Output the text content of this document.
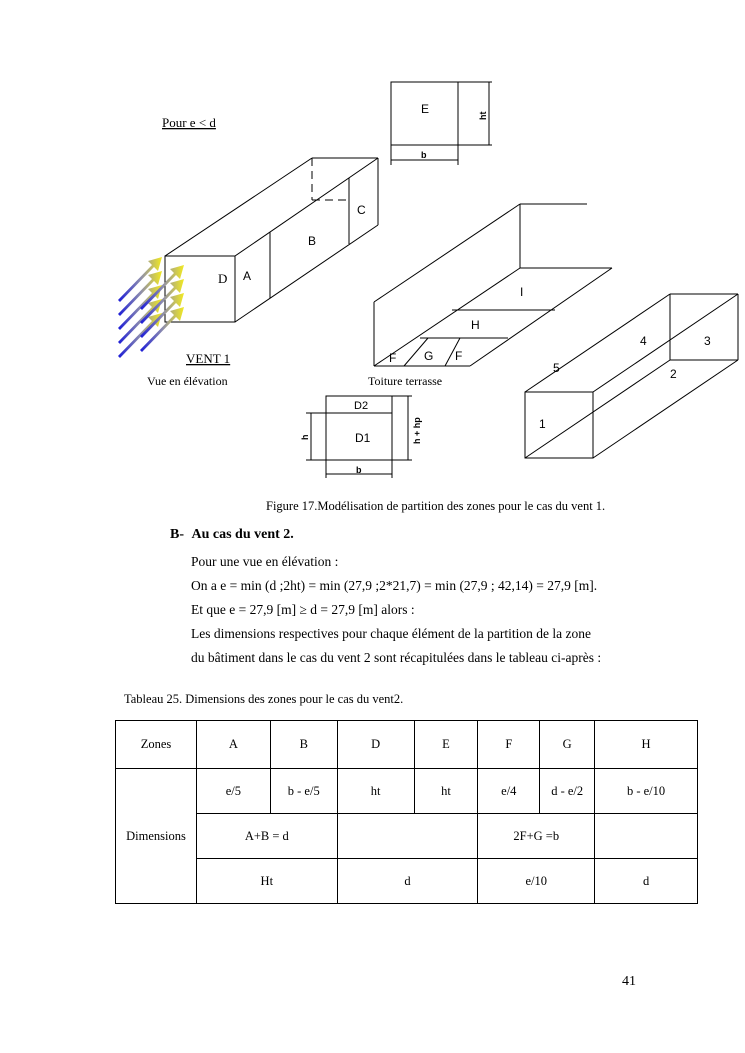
Pour e < d
E
b
ht
D A
B
C
VENT 1
Vue en élévation
I
H
F G F
Toiture terrasse
D2
D1
h	h + hp
b
1
2
3
4
5
Figure 17.Modélisation de partition des zones pour le cas du vent 1.
B- Au cas du vent 2.
Pour une vue en élévation :
On a e = min (d ;2ht) = min (27,9 ;2*21,7) = min (27,9 ; 42,14) = 27,9 [m].
Et que e = 27,9 [m] ≥ d = 27,9 [m] alors :
Les dimensions respectives pour chaque élément de la partition de la zone
du bâtiment dans le cas du vent 2 sont récapitulées dans le tableau ci-après :
Tableau 25. Dimensions des zones pour le cas du vent2.
Zones	A	B	D	E	F	G	H
Dimensions	e/5	b - e/5	ht	ht	e/4	d - e/2	b - e/10
	A+B = d				2F+G =b		
	Ht		d		e/10		d
41
